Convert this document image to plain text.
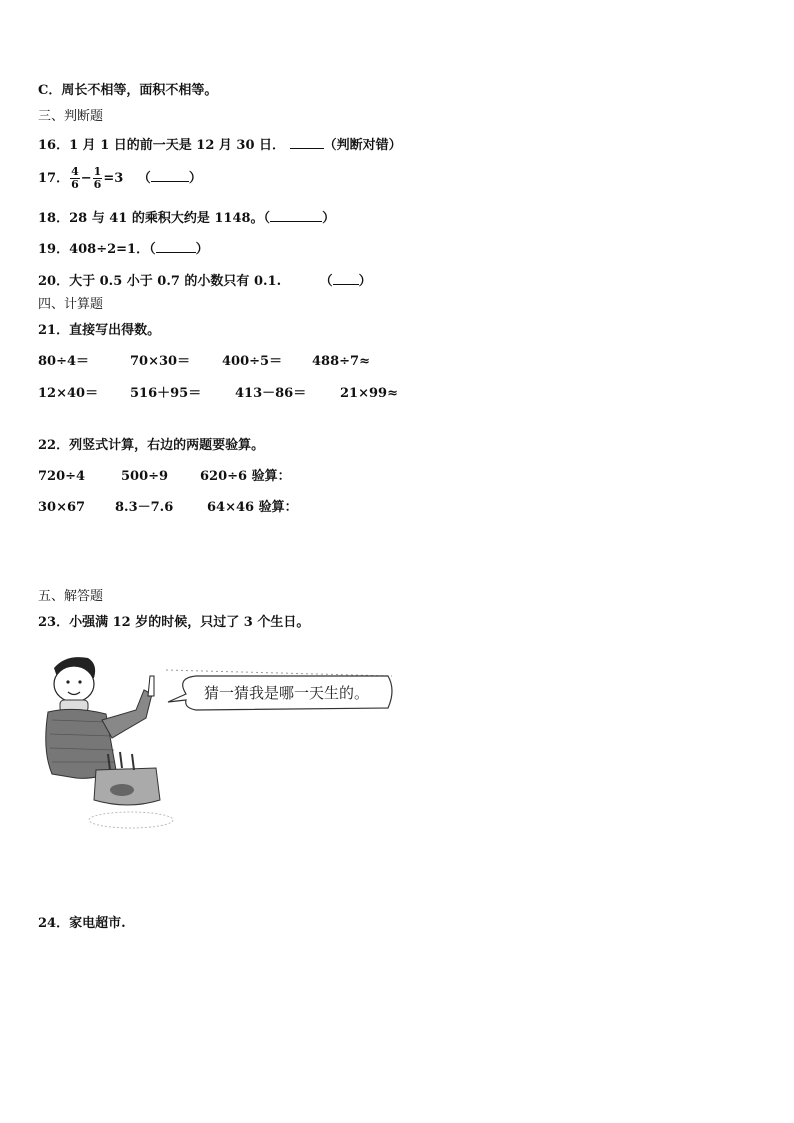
C．周长不相等，面积不相等。
三、判断题
16．1 月 1 日的前一天是 12 月 30 日．	（判断对错）
17． $\frac{4}{6} - \frac{1}{6} =3$ （	）
18．28 与 41 的乘积大约是 1148。（	）
19．408÷2=1．（	）
20．大于 0.5 小于 0.7 的小数只有 0.1.	（ ）
四、计算题
21．直接写出得数。
80÷4＝	70×30＝ 400÷5＝ 488÷7≈
12×40＝ 516＋95＝	413－86＝	21×99≈
22．列竖式计算，右边的两题要验算。
720÷4	500÷9 620÷6 验算：
30×67 8.3－7.6	64×46 验算：
五、解答题
23．小强满 12 岁的时候，只过了 3 个生日。
猜一猜我是哪一天生的。
24．家电超市.
